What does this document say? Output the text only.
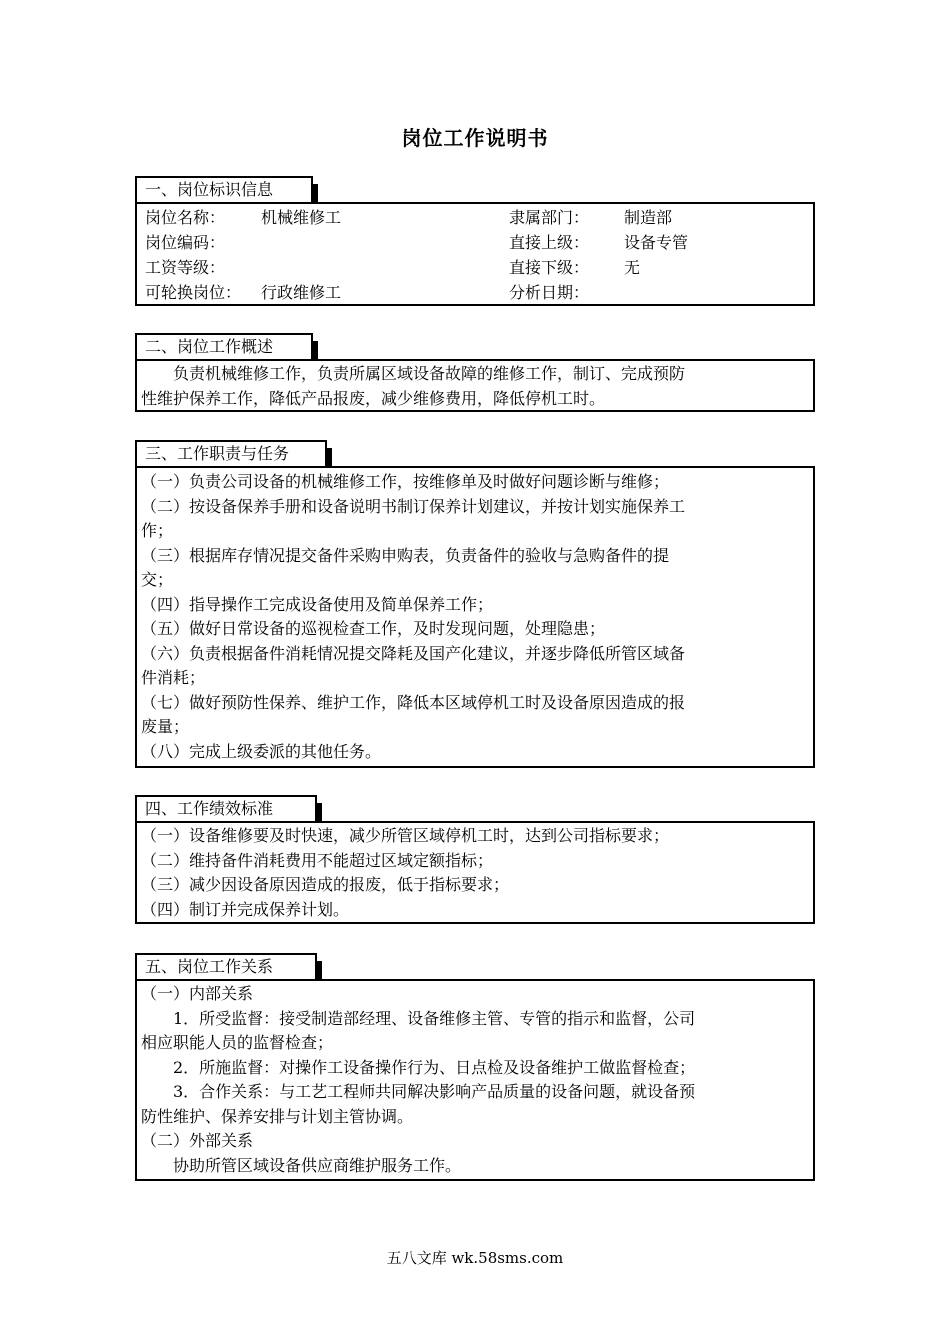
岗位工作说明书
一、岗位标识信息
岗位名称： 机械维修工	隶属部门： 制造部
岗位编码：	直接上级： 设备专管
工资等级：	直接下级： 无
可轮换岗位： 行政维修工	分析日期：
二、岗位工作概述
　　负责机械维修工作，负责所属区域设备故障的维修工作，制订、完成预防
性维护保养工作，降低产品报废，减少维修费用，降低停机工时。
三、工作职责与任务
（一）负责公司设备的机械维修工作，按维修单及时做好问题诊断与维修；
（二）按设备保养手册和设备说明书制订保养计划建议，并按计划实施保养工
作；
（三）根据库存情况提交备件采购申购表，负责备件的验收与急购备件的提
交；
（四）指导操作工完成设备使用及简单保养工作；
（五）做好日常设备的巡视检查工作，及时发现问题，处理隐患；
（六）负责根据备件消耗情况提交降耗及国产化建议，并逐步降低所管区域备
件消耗；
（七）做好预防性保养、维护工作，降低本区域停机工时及设备原因造成的报
废量；
（八）完成上级委派的其他任务。
四、工作绩效标准
（一）设备维修要及时快速，减少所管区域停机工时，达到公司指标要求；
（二）维持备件消耗费用不能超过区域定额指标；
（三）减少因设备原因造成的报废，低于指标要求；
（四）制订并完成保养计划。
五、岗位工作关系
（一）内部关系
　　1．所受监督：接受制造部经理、设备维修主管、专管的指示和监督，公司
相应职能人员的监督检查；
　　2．所施监督：对操作工设备操作行为、日点检及设备维护工做监督检查；
　　3．合作关系：与工艺工程师共同解决影响产品质量的设备问题，就设备预
防性维护、保养安排与计划主管协调。
（二）外部关系
　　协助所管区域设备供应商维护服务工作。
五八文库 wk.58sms.com
